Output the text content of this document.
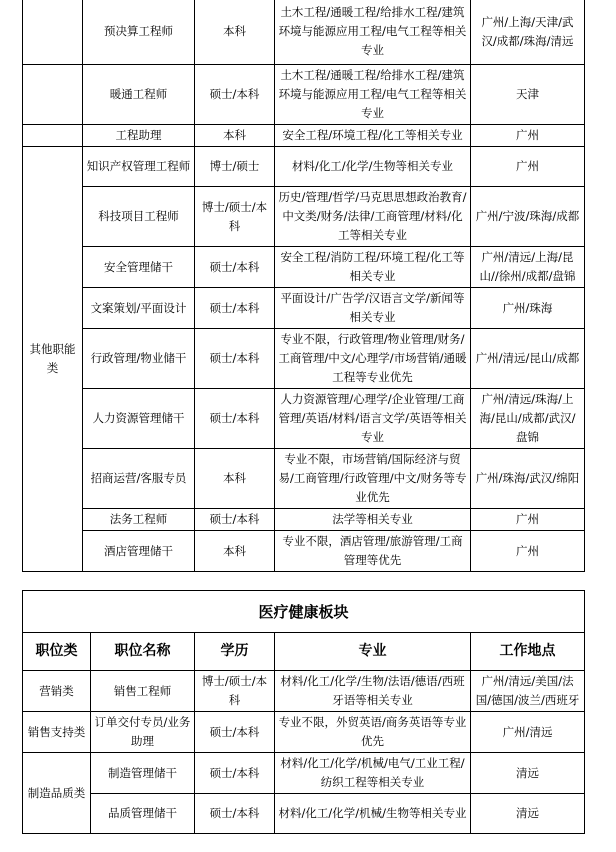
	预决算工程师	本科	土木工程/通暖工程/给排水工程/建筑环境与能源应用工程/电气工程等相关专业	广州/上海/天津/武汉/成都/珠海/清远
	暖通工程师	硕士/本科	土木工程/通暖工程/给排水工程/建筑环境与能源应用工程/电气工程等相关专业	天津
	工程助理	本科	安全工程/环境工程/化工等相关专业	广州
其他职能类	知识产权管理工程师	博士/硕士	材料/化工/化学/生物等相关专业	广州
	科技项目工程师	博士/硕士/本科	历史/管理/哲学/马克思思想政治教育/中文类/财务/法律/工商管理/材料/化工等相关专业	广州/宁波/珠海/成都
	安全管理储干	硕士/本科	安全工程/消防工程/环境工程/化工等相关专业	广州/清远/上海/昆山//徐州/成都/盘锦
	文案策划/平面设计	硕士/本科	平面设计/广告学/汉语言文学/新闻等相关专业	广州/珠海
	行政管理/物业储干	硕士/本科	专业不限，行政管理/物业管理/财务/工商管理/中文/心理学/市场营销/通暖工程等专业优先	广州/清远/昆山/成都
	人力资源管理储干	硕士/本科	人力资源管理/心理学/企业管理/工商管理/英语/材料/语言文学/英语等相关专业	广州/清远/珠海/上海/昆山/成都/武汉/盘锦
	招商运营/客服专员	本科	专业不限，市场营销/国际经济与贸易/工商管理/行政管理/中文/财务等专业优先	广州/珠海/武汉/绵阳
	法务工程师	硕士/本科	法学等相关专业	广州
	酒店管理储干	本科	专业不限，酒店管理/旅游管理/工商管理等优先	广州
医疗健康板块				
职位类	职位名称	学历	专业	工作地点
营销类	销售工程师	博士/硕士/本科	材料/化工/化学/生物/法语/德语/西班牙语等相关专业	广州/清远/美国/法国/德国/波兰/西班牙
销售支持类	订单交付专员/业务助理	硕士/本科	专业不限，外贸英语/商务英语等专业优先	广州/清远
制造品质类	制造管理储干	硕士/本科	材料/化工/化学/机械/电气/工业工程/纺织工程等相关专业	清远
	品质管理储干	硕士/本科	材料/化工/化学/机械/生物等相关专业	清远
